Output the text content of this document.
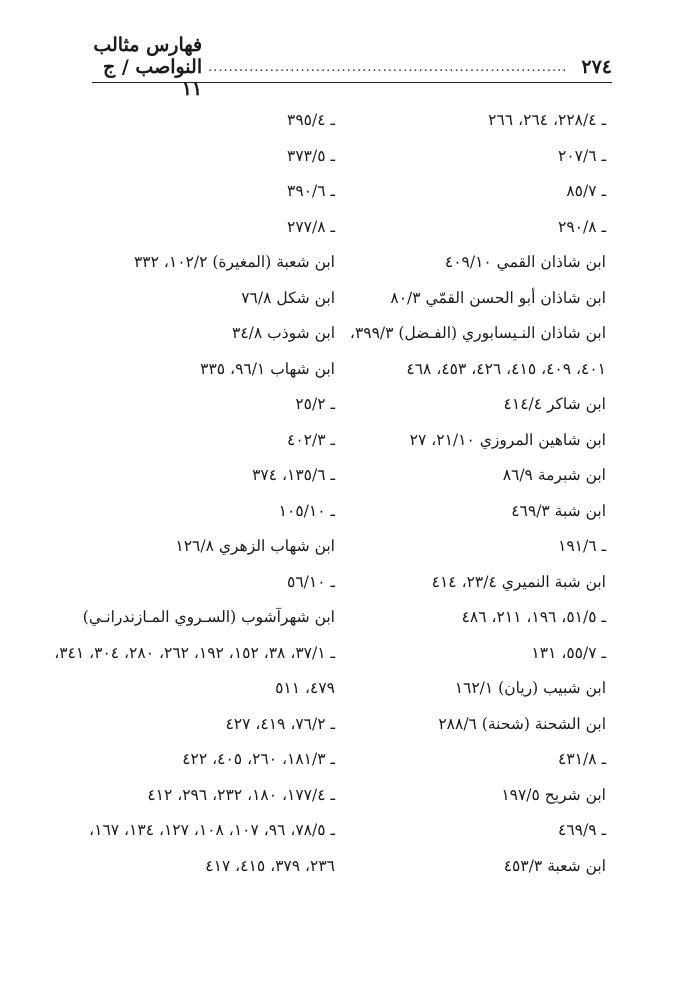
٢٧٤
......................................................................
فهارس مثالب النواصب / ج ١١
ـ ٢٢٨/٤، ٢٦٤، ٢٦٦
ـ ٢٠٧/٦
ـ ٨٥/٧
ـ ٢٩٠/٨
ابن شاذان القمي ٤٠٩/١٠
ابن شاذان أبو الحسن القمّي ٨٠/٣
ابن شاذان النـيسابوري (الفـضل) ٣٩٩/٣،
٤٠١، ٤٠٩، ٤١٥، ٤٢٦، ٤٥٣، ٤٦٨
ابن شاكر ٤١٤/٤
ابن شاهين المروزي ٢١/١٠، ٢٧
ابن شبرمة ٨٦/٩
ابن شبة ٤٦٩/٣
ـ ١٩١/٦
ابن شبة النميري ٢٣/٤، ٤١٤
ـ ٥١/٥، ١٩٦، ٢١١، ٤٨٦
ـ ٥٥/٧، ١٣١
ابن شبيب (ريان) ١٦٢/١
ابن الشحنة (شحنة) ٢٨٨/٦
ـ ٤٣١/٨
ابن شريح ١٩٧/٥
ـ ٤٦٩/٩
ابن شعبة ٤٥٣/٣
ـ ٣٩٥/٤
ـ ٣٧٣/٥
ـ ٣٩٠/٦
ـ ٢٧٧/٨
ابن شعبة (المغيرة) ١٠٢/٢، ٣٣٢
ابن شكل ٧٦/٨
ابن شوذب ٣٤/٨
ابن شهاب ٩٦/١، ٣٣٥
ـ ٢٥/٢
ـ ٤٠٢/٣
ـ ١٣٥/٦، ٣٧٤
ـ ١٠٥/١٠
ابن شهاب الزهري ١٢٦/٨
ـ ٥٦/١٠
ابن شهرآشوب (السـروي المـازندرانـي)
ـ ٣٧/١، ٣٨، ١٥٢، ١٩٢، ٢٦٢، ٢٨٠، ٣٠٤، ٣٤١،
٤٧٩، ٥١١
ـ ٧٦/٢، ٤١٩، ٤٢٧
ـ ١٨١/٣، ٢٦٠، ٤٠٥، ٤٢٢
ـ ١٧٧/٤، ١٨٠، ٢٣٢، ٢٩٦، ٤١٢
ـ ٧٨/٥، ٩٦، ١٠٧، ١٠٨، ١٢٧، ١٣٤، ١٦٧،
٢٣٦، ٣٧٩، ٤١٥، ٤١٧
